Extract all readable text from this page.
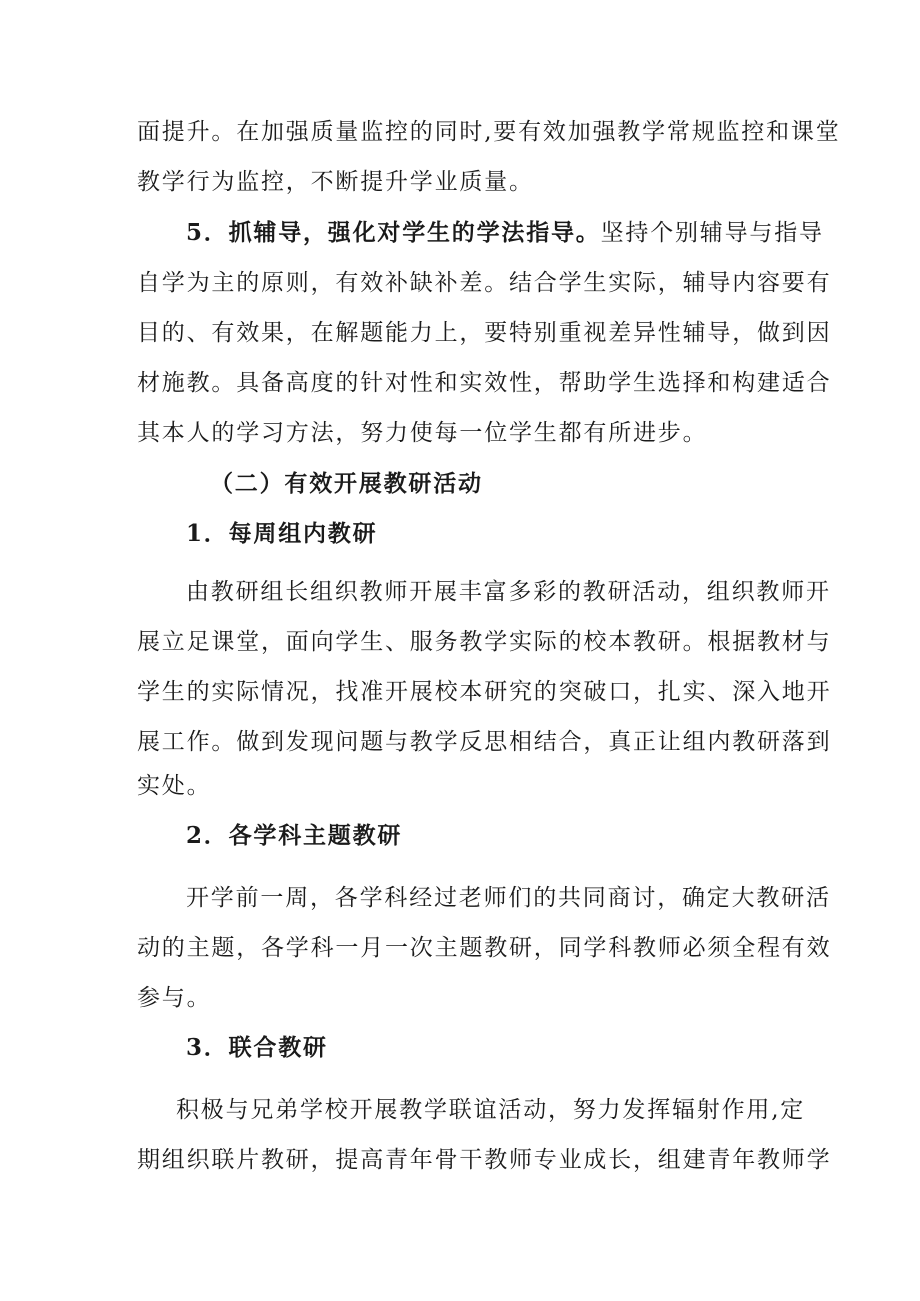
面提升。在加强质量监控的同时,要有效加强教学常规监控和课堂
教学行为监控，不断提升学业质量。
5．抓辅导，强化对学生的学法指导。坚持个别辅导与指导
自学为主的原则，有效补缺补差。结合学生实际，辅导内容要有
目的、有效果，在解题能力上，要特别重视差异性辅导，做到因
材施教。具备高度的针对性和实效性，帮助学生选择和构建适合
其本人的学习方法，努力使每一位学生都有所进步。
（二）有效开展教研活动
1．每周组内教研
由教研组长组织教师开展丰富多彩的教研活动，组织教师开
展立足课堂，面向学生、服务教学实际的校本教研。根据教材与
学生的实际情况，找准开展校本研究的突破口，扎实、深入地开
展工作。做到发现问题与教学反思相结合，真正让组内教研落到
实处。
2．各学科主题教研
开学前一周，各学科经过老师们的共同商讨，确定大教研活
动的主题，各学科一月一次主题教研，同学科教师必须全程有效
参与。
3．联合教研
积极与兄弟学校开展教学联谊活动，努力发挥辐射作用,定
期组织联片教研，提高青年骨干教师专业成长，组建青年教师学
